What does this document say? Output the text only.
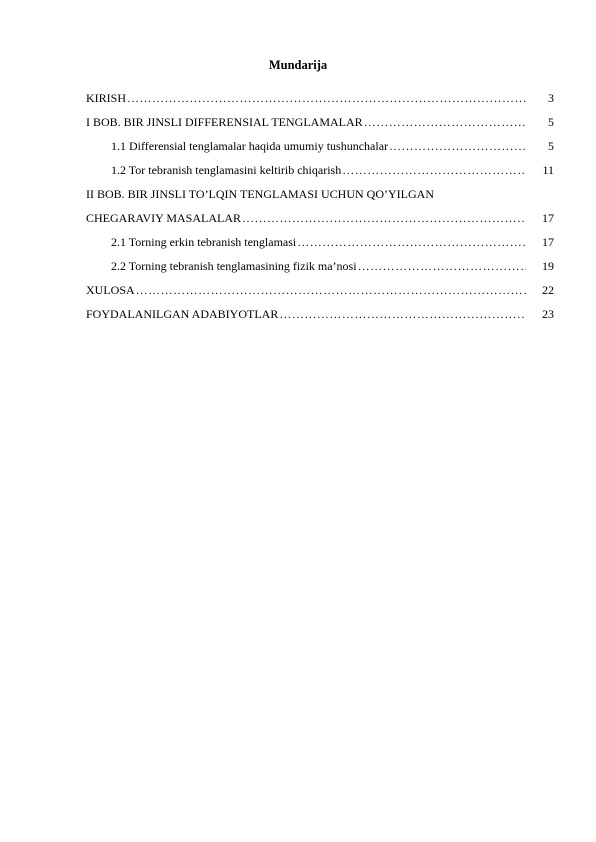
Mundarija
KIRISH …………………………………………………………………………………………………………………………………………………………	3
I BOB. BIR JINSLI DIFFERENSIAL TENGLAMALAR …………………………………………………………………………………………………………………………………………………………	5
1.1 Differensial tenglamalar haqida umumiy tushunchalar …………………………………………………………………………………………………………………………………………………………	5
1.2 Tor tebranish tenglamasini keltirib chiqarish …………………………………………………………………………………………………………………………………………………………	11
II BOB. BIR JINSLI TO’LQIN TENGLAMASI UCHUN QO’YILGAN
CHEGARAVIY MASALALAR …………………………………………………………………………………………………………………………………………………………	17
2.1 Torning erkin tebranish tenglamasi …………………………………………………………………………………………………………………………………………………………	17
2.2 Torning tebranish tenglamasining fizik ma’nosi …………………………………………………………………………………………………………………………………………………………	19
XULOSA …………………………………………………………………………………………………………………………………………………………	22
FOYDALANILGAN ADABIYOTLAR …………………………………………………………………………………………………………………………………………………………	23
